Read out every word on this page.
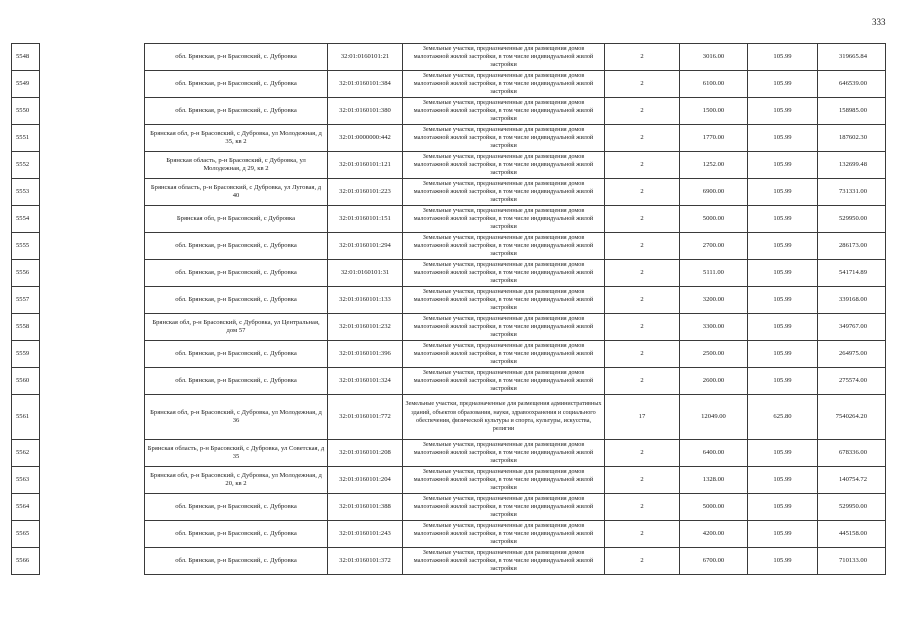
333
5548		обл. Брянская, р-н Брасовский, с. Дубровка	32:01:0160101:21	Земельные участки, предназначенные для размещения домов малоэтажной жилой застройки, в том числе индивидуальной жилой застройки	2	3016.00	105.99	319665.84
5549		обл. Брянская, р-н Брасовский, с. Дубровка	32:01:0160101:384	Земельные участки, предназначенные для размещения домов малоэтажной жилой застройки, в том числе индивидуальной жилой застройки	2	6100.00	105.99	646539.00
5550		обл. Брянская, р-н Брасовский, с. Дубровка	32:01:0160101:380	Земельные участки, предназначенные для размещения домов малоэтажной жилой застройки, в том числе индивидуальной жилой застройки	2	1500.00	105.99	158985.00
5551		Брянская обл, р-н Брасовский, с Дубровка, ул Молодежная, д 35, кв 2	32:01:0000000:442	Земельные участки, предназначенные для размещения домов малоэтажной жилой застройки, в том числе индивидуальной жилой застройки	2	1770.00	105.99	187602.30
5552		Брянская область, р-н Брасовский, с Дубровка, ул Молодежная, д 29, кв 2	32:01:0160101:121	Земельные участки, предназначенные для размещения домов малоэтажной жилой застройки, в том числе индивидуальной жилой застройки	2	1252.00	105.99	132699.48
5553		Брянская область, р-н Брасовский, с Дубровка, ул Луговая, д 40	32:01:0160101:223	Земельные участки, предназначенные для размещения домов малоэтажной жилой застройки, в том числе индивидуальной жилой застройки	2	6900.00	105.99	731331.00
5554		Брянская обл, р-н Брасовский, с Дубровка	32:01:0160101:151	Земельные участки, предназначенные для размещения домов малоэтажной жилой застройки, в том числе индивидуальной жилой застройки	2	5000.00	105.99	529950.00
5555		обл. Брянская, р-н Брасовский, с. Дубровка	32:01:0160101:294	Земельные участки, предназначенные для размещения домов малоэтажной жилой застройки, в том числе индивидуальной жилой застройки	2	2700.00	105.99	286173.00
5556		обл. Брянская, р-н Брасовский, с. Дубровка	32:01:0160101:31	Земельные участки, предназначенные для размещения домов малоэтажной жилой застройки, в том числе индивидуальной жилой застройки	2	5111.00	105.99	541714.89
5557		обл. Брянская, р-н Брасовский, с. Дубровка	32:01:0160101:133	Земельные участки, предназначенные для размещения домов малоэтажной жилой застройки, в том числе индивидуальной жилой застройки	2	3200.00	105.99	339168.00
5558		Брянская обл, р-н Брасовский, с Дубровка, ул Центральная, дом 57	32:01:0160101:232	Земельные участки, предназначенные для размещения домов малоэтажной жилой застройки, в том числе индивидуальной жилой застройки	2	3300.00	105.99	349767.00
5559		обл. Брянская, р-н Брасовский, с. Дубровка	32:01:0160101:396	Земельные участки, предназначенные для размещения домов малоэтажной жилой застройки, в том числе индивидуальной жилой застройки	2	2500.00	105.99	264975.00
5560		обл. Брянская, р-н Брасовский, с. Дубровка	32:01:0160101:324	Земельные участки, предназначенные для размещения домов малоэтажной жилой застройки, в том числе индивидуальной жилой застройки	2	2600.00	105.99	275574.00
5561		Брянская обл, р-н Брасовский, с Дубровка, ул Молодежная, д 36	32:01:0160101:772	Земельные участки, предназначенные для размещения административных зданий, объектов образования, науки, здравоохранения и социального обеспечения, физической культуры и спорта, культуры, искусства, религии	17	12049.00	625.80	7540264.20
5562		Брянская область, р-н Брасовский, с Дубровка, ул Советская, д 35	32:01:0160101:208	Земельные участки, предназначенные для размещения домов малоэтажной жилой застройки, в том числе индивидуальной жилой застройки	2	6400.00	105.99	678336.00
5563		Брянская обл, р-н Брасовский, с Дубровка, ул Молодежная, д 20, кв 2	32:01:0160101:204	Земельные участки, предназначенные для размещения домов малоэтажной жилой застройки, в том числе индивидуальной жилой застройки	2	1328.00	105.99	140754.72
5564		обл. Брянская, р-н Брасовский, с. Дубровка	32:01:0160101:388	Земельные участки, предназначенные для размещения домов малоэтажной жилой застройки, в том числе индивидуальной жилой застройки	2	5000.00	105.99	529950.00
5565		обл. Брянская, р-н Брасовский, с. Дубровка	32:01:0160101:243	Земельные участки, предназначенные для размещения домов малоэтажной жилой застройки, в том числе индивидуальной жилой застройки	2	4200.00	105.99	445158.00
5566		обл. Брянская, р-н Брасовский, с. Дубровка	32:01:0160101:372	Земельные участки, предназначенные для размещения домов малоэтажной жилой застройки, в том числе индивидуальной жилой застройки	2	6700.00	105.99	710133.00
